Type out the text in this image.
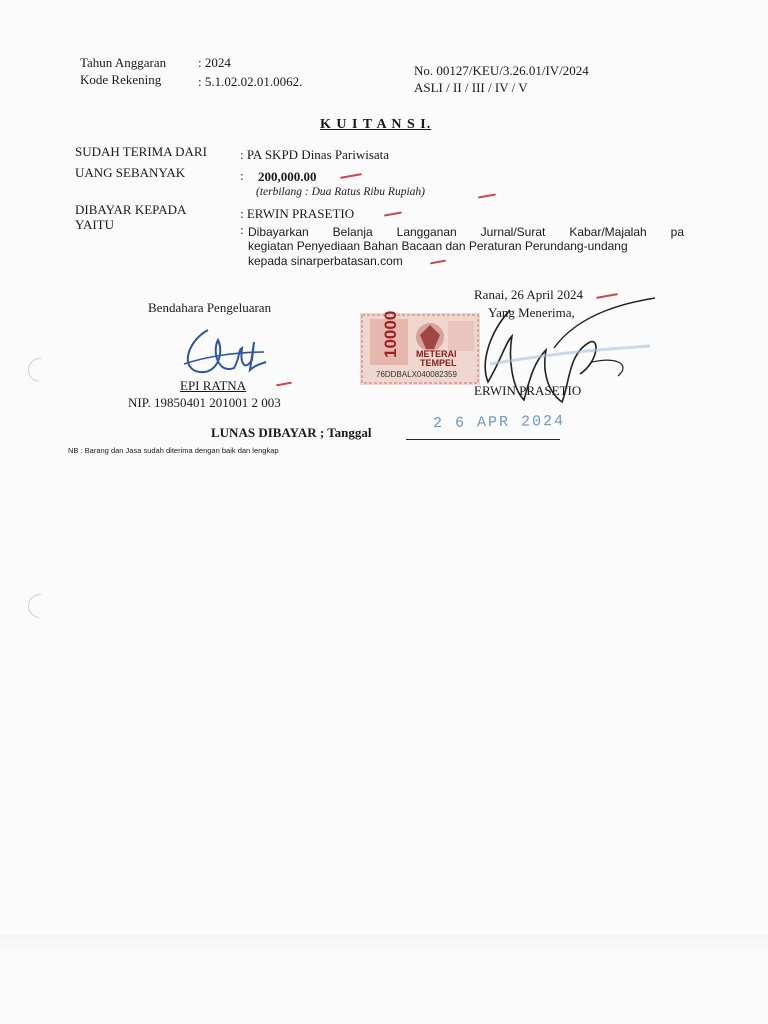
Tahun Anggaran : 2024
Kode Rekening	: 5.1.02.02.01.0062.
No. 00127/KEU/3.26.01/IV/2024
ASLI / II / III / IV / V
K U I T A N S I.
SUDAH TERIMA DARI	: PA SKPD Dinas Pariwisata
UANG SEBANYAK	: 200,000.00
(terbilang : Dua Ratus Ribu Rupiah)
DIBAYAR KEPADA	: ERWIN PRASETIO
YAITU	: Dibayarkan Belanja Langganan Jurnal/Surat Kabar/Majalah pa
kegiatan Penyediaan Bahan Bacaan dan Peraturan Perundang-undang
kepada sinarperbatasan.com
Bendahara Pengeluaran
EPI RATNA
NIP. 19850401 201001 2 003
Ranai, 26 April 2024
Yang Menerima,
10000 METERAI
TEMPEL
76DDBALX040082359
ERWIN PRASETIO
LUNAS DIBAYAR ; Tanggal
2 6 APR 2024
NB : Barang dan Jasa sudah diterima dengan baik dan lengkap
